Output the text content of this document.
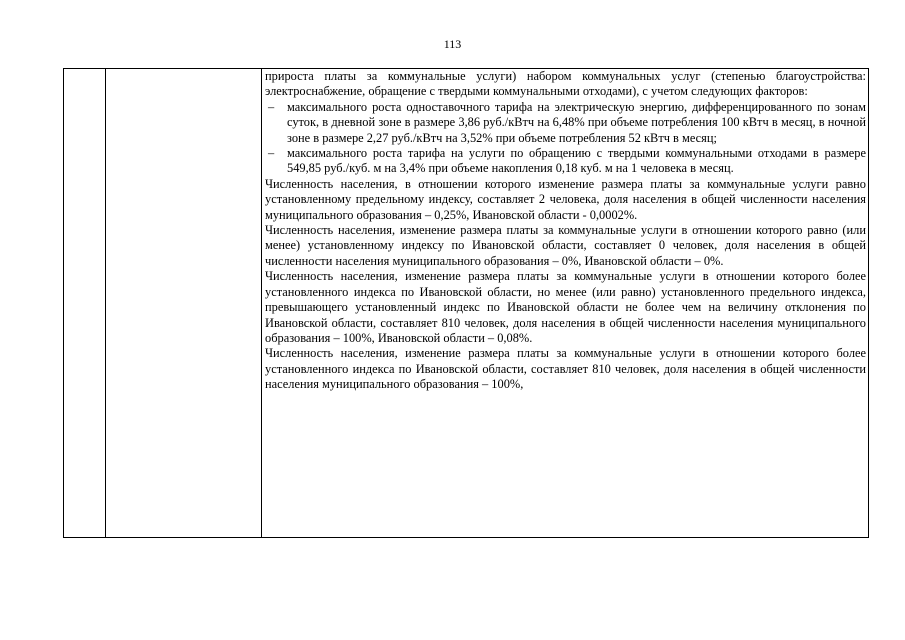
113

прироста платы за коммунальные услуги) набором коммунальных услуг (степенью благоустройства: электроснабжение, обращение с твердыми коммунальными отходами), с учетом следующих факторов:

–	максимального роста одноставочного тарифа на электрическую энергию, дифференцированного по зонам суток, в дневной зоне в размере 3,86 руб./кВтч на 6,48% при объеме потребления 100 кВтч в месяц, в ночной зоне в размере 2,27 руб./кВтч на 3,52% при объеме потребления 52 кВтч в месяц;
–	максимального роста тарифа на услуги по обращению с твердыми коммунальными отходами в размере 549,85 руб./куб. м на 3,4% при объеме накопления 0,18 куб. м на 1 человека в месяц.

Численность населения, в отношении которого изменение размера платы за коммунальные услуги равно установленному предельному индексу, составляет 2 человека, доля населения в общей численности населения муниципального образования – 0,25%, Ивановской области - 0,0002%.

Численность населения, изменение размера платы за коммунальные услуги в отношении которого равно (или менее) установленному индексу по Ивановской области, составляет 0 человек, доля населения в общей численности населения муниципального образования – 0%, Ивановской области – 0%.

Численность населения, изменение размера платы за коммунальные услуги в отношении которого более установленного индекса по Ивановской области, но менее (или равно) установленного предельного индекса, превышающего установленный индекс по Ивановской области не более чем на величину отклонения по Ивановской области, составляет 810 человек, доля населения в общей численности населения муниципального образования – 100%, Ивановской области – 0,08%.

Численность населения, изменение размера платы за коммунальные услуги в отношении которого более установленного индекса по Ивановской области, составляет 810 человек, доля населения в общей численности населения муниципального образования – 100%,
